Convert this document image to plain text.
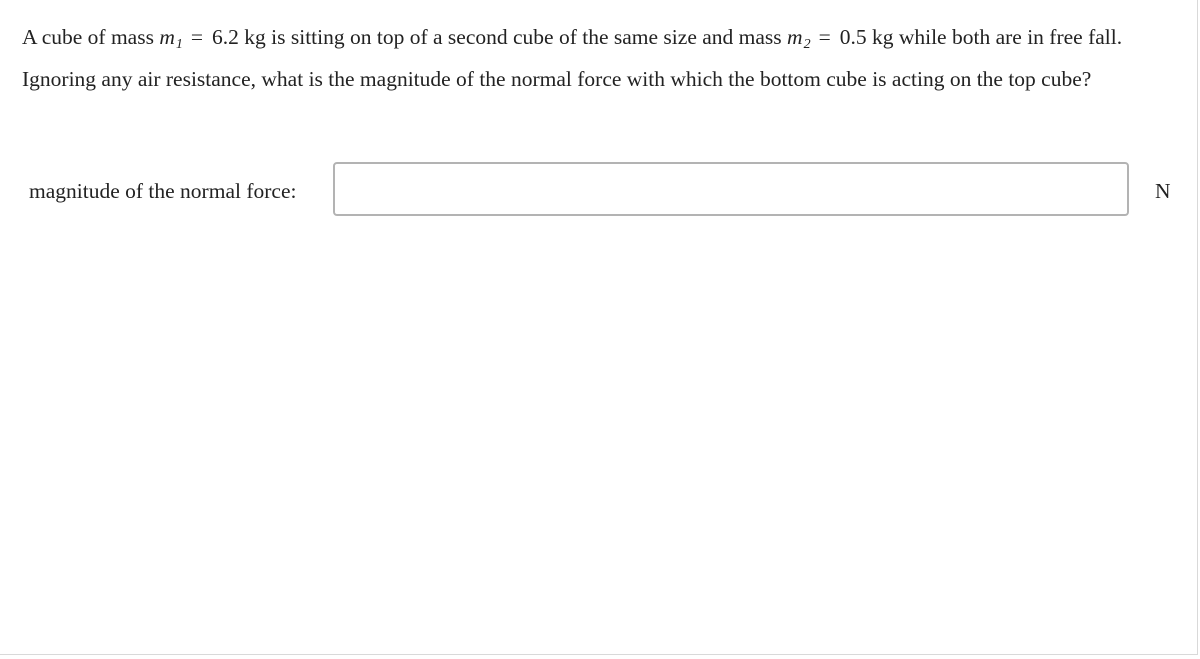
A cube of mass $m_1 = 6.2$ kg is sitting on top of a second cube of the same size and mass $m_2 = 0.5$ kg while both are in free fall.
Ignoring any air resistance, what is the magnitude of the normal force with which the bottom cube is acting on the top cube?
magnitude of the normal force:	N
